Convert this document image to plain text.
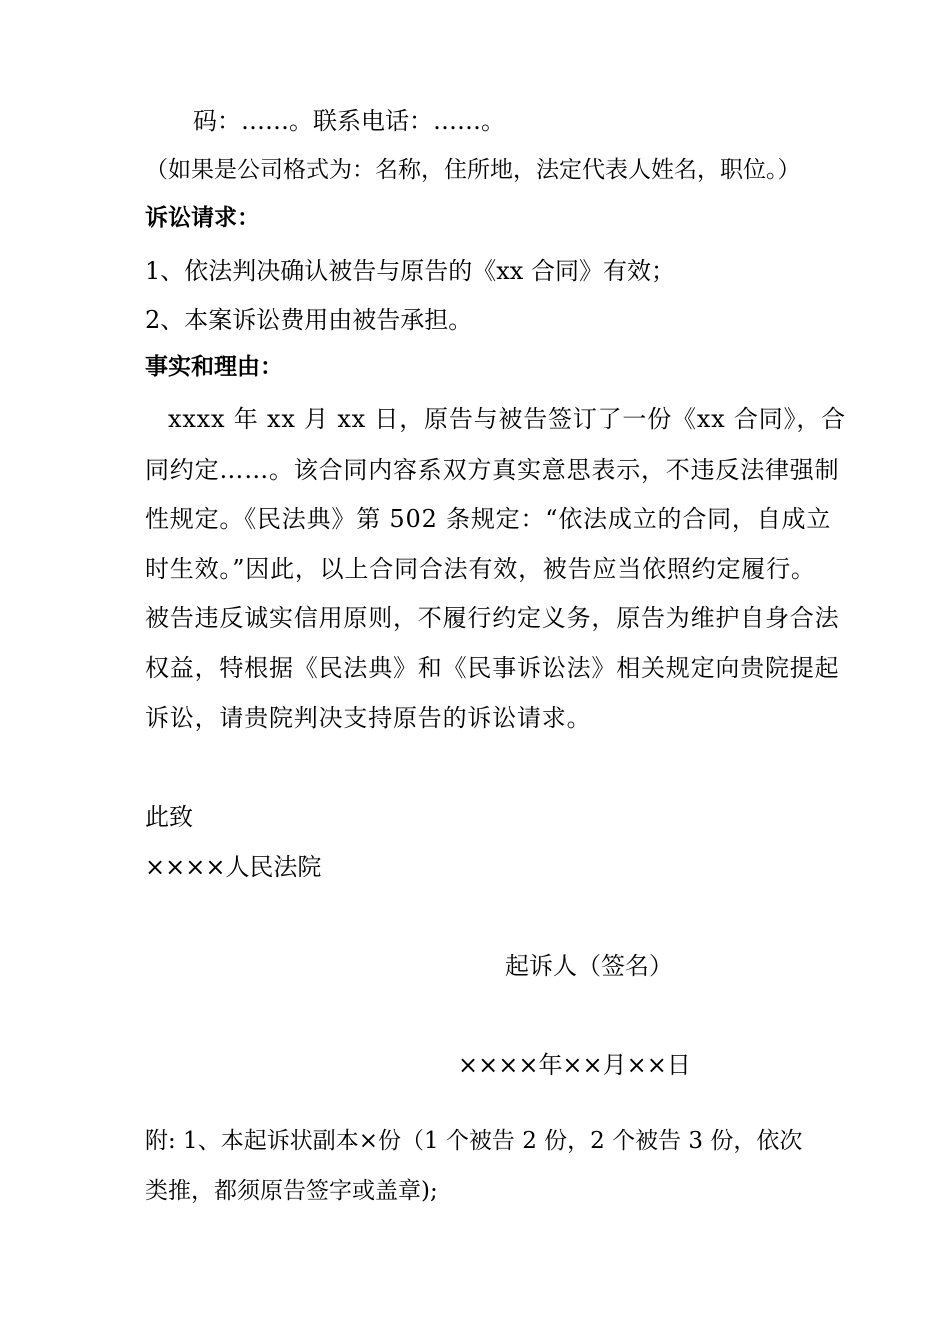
码：……。联系电话：……。
（如果是公司格式为：名称，住所地，法定代表人姓名，职位。）
诉讼请求：
1、依法判决确认被告与原告的《xx 合同》有效；
2、本案诉讼费用由被告承担。
事实和理由：
xxxx 年 xx 月 xx 日，原告与被告签订了一份《xx 合同》，合
同约定……。该合同内容系双方真实意思表示，不违反法律强制
性规定。《民法典》第 502 条规定：“依法成立的合同，自成立
时生效。”因此，以上合同合法有效，被告应当依照约定履行。
被告违反诚实信用原则，不履行约定义务，原告为维护自身合法
权益，特根据《民法典》和《民事诉讼法》相关规定向贵院提起
诉讼，请贵院判决支持原告的诉讼请求。
此致
××××人民法院
起诉人（签名）
××××年××月××日
附: 1、本起诉状副本×份（1 个被告 2 份，2 个被告 3 份，依次
类推，都须原告签字或盖章);
